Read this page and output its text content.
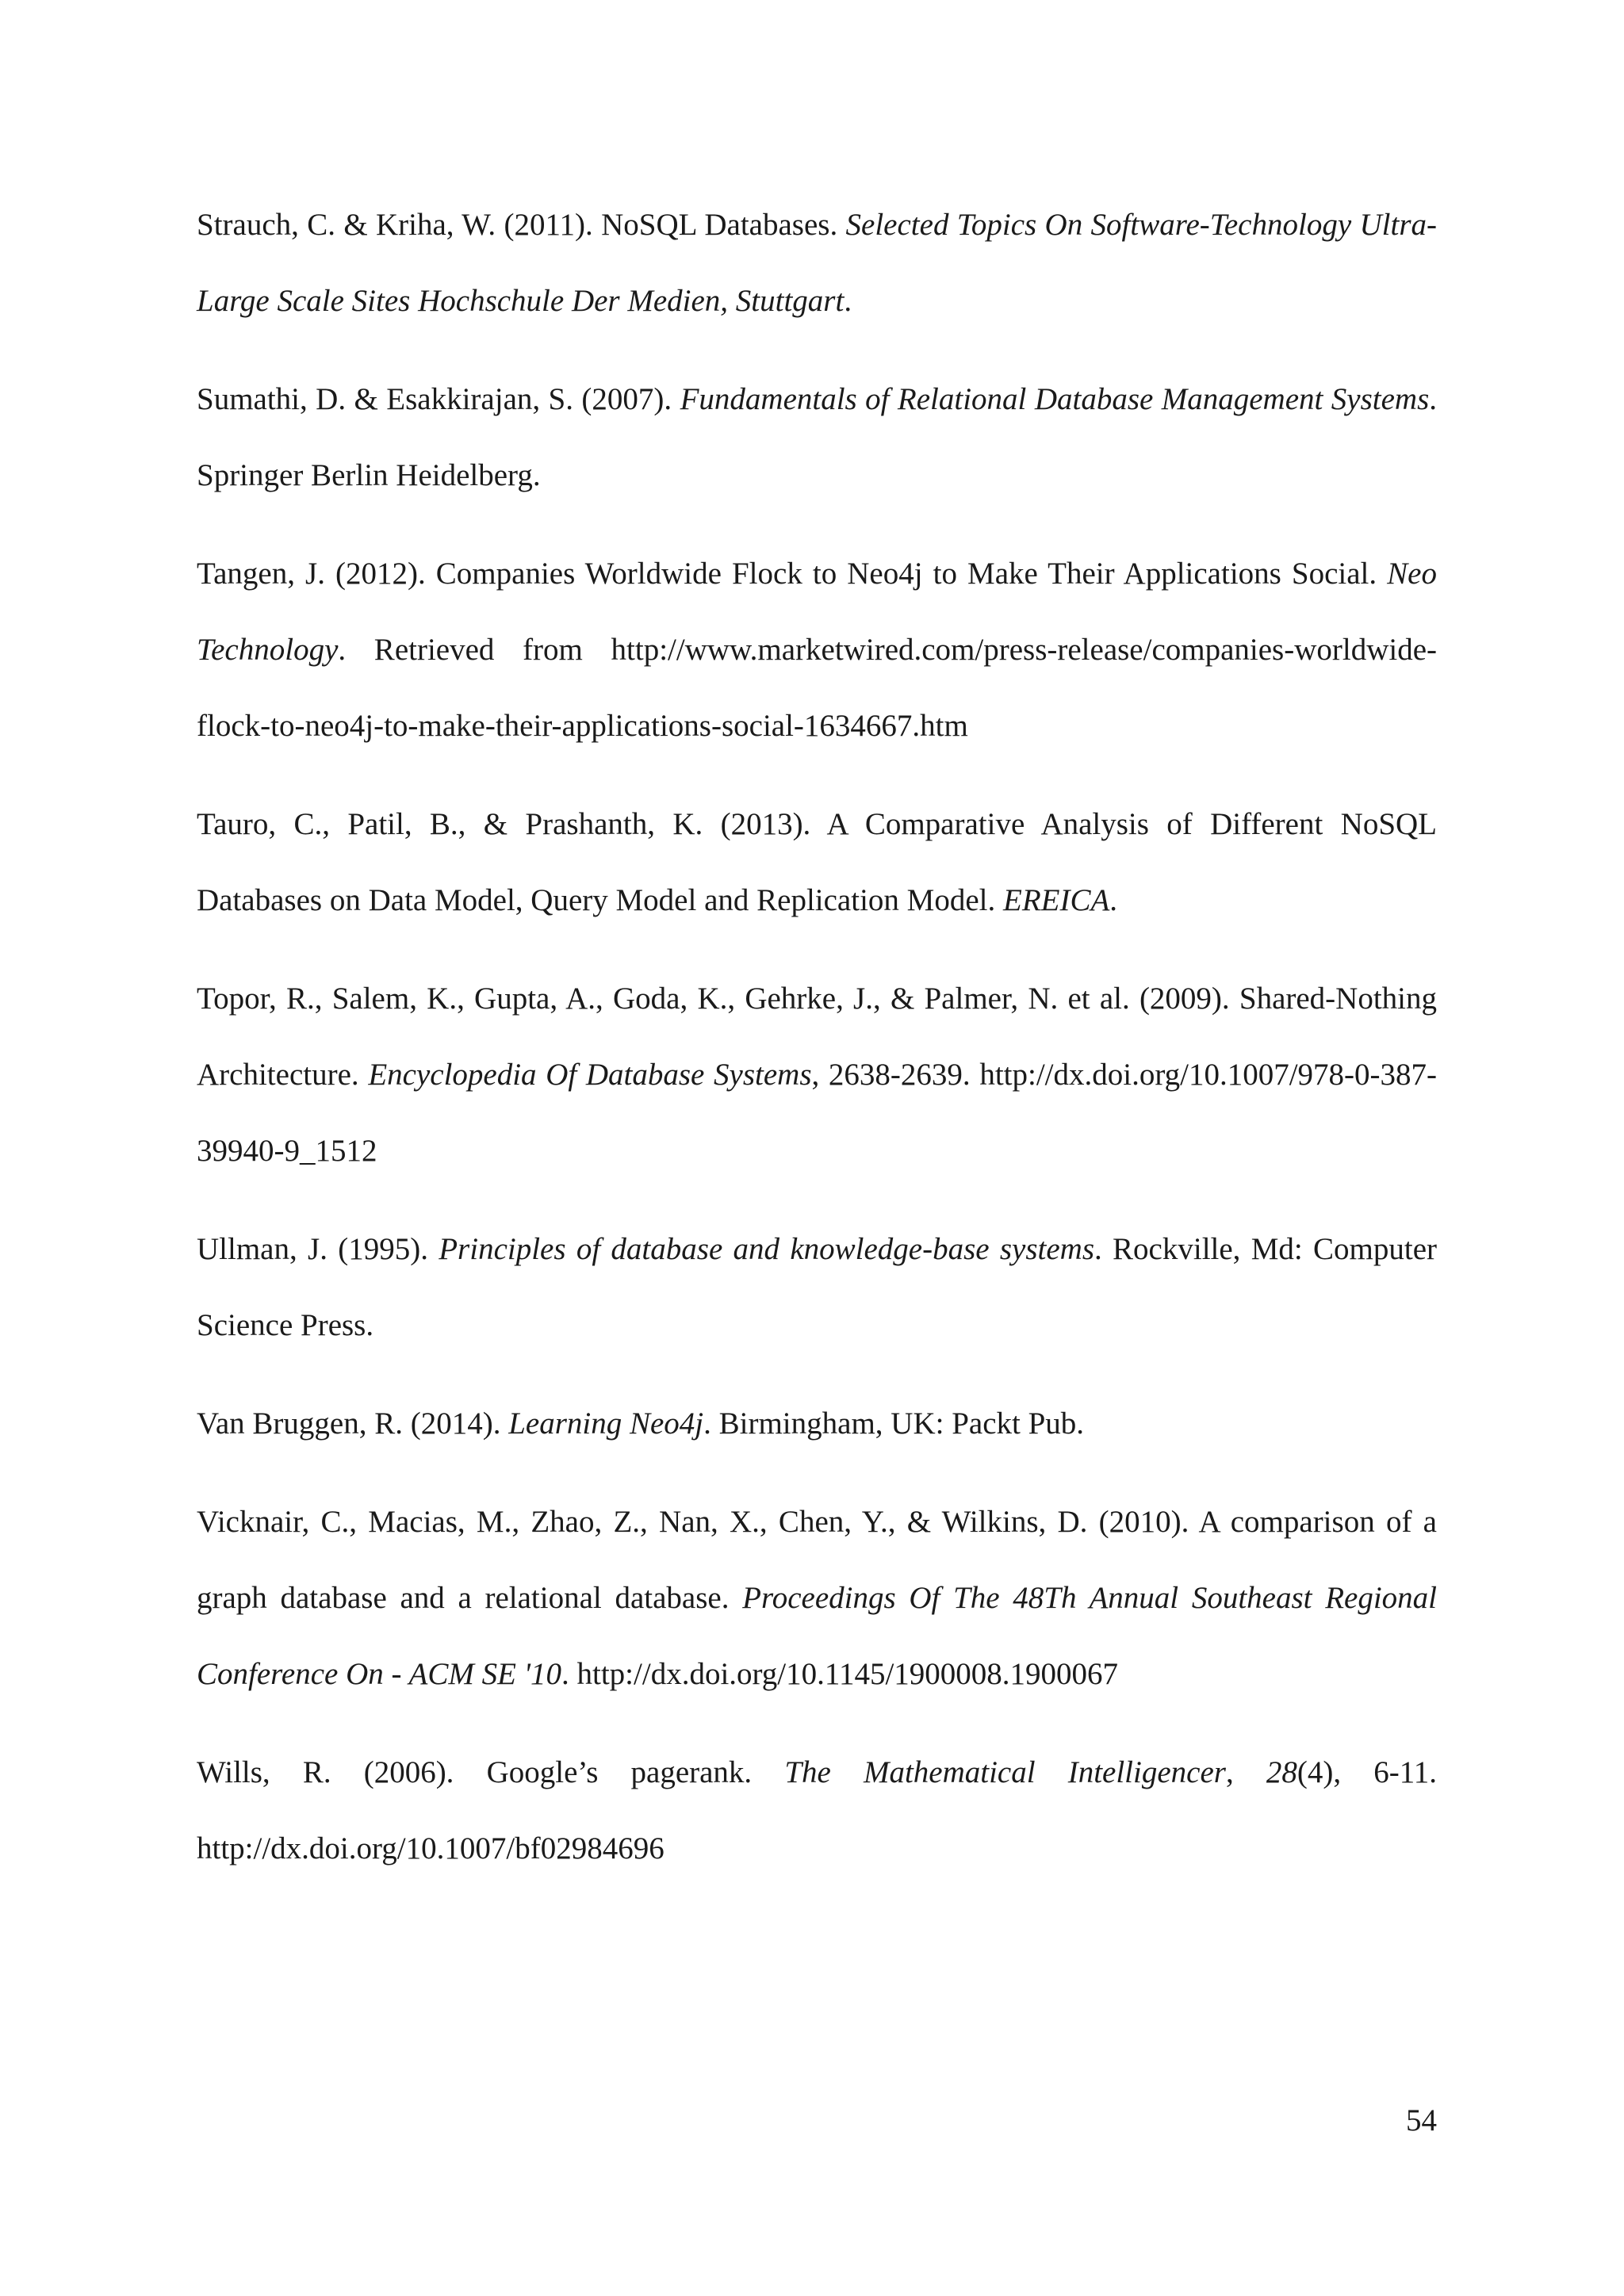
Strauch, C. & Kriha, W. (2011). NoSQL Databases. Selected Topics On Software-Technology Ultra-Large Scale Sites Hochschule Der Medien, Stuttgart.

Sumathi, D. & Esakkirajan, S. (2007). Fundamentals of Relational Database Management Systems. Springer Berlin Heidelberg.

Tangen, J. (2012). Companies Worldwide Flock to Neo4j to Make Their Applications Social. Neo Technology. Retrieved from http://www.marketwired.com/press-release/companies-worldwide-flock-to-neo4j-to-make-their-applications-social-1634667.htm

Tauro, C., Patil, B., & Prashanth, K. (2013). A Comparative Analysis of Different NoSQL Databases on Data Model, Query Model and Replication Model. EREICA.

Topor, R., Salem, K., Gupta, A., Goda, K., Gehrke, J., & Palmer, N. et al. (2009). Shared-Nothing Architecture. Encyclopedia Of Database Systems, 2638-2639. http://dx.doi.org/10.1007/978-0-387-39940-9_1512

Ullman, J. (1995). Principles of database and knowledge-base systems. Rockville, Md: Computer Science Press.

Van Bruggen, R. (2014). Learning Neo4j. Birmingham, UK: Packt Pub.

Vicknair, C., Macias, M., Zhao, Z., Nan, X., Chen, Y., & Wilkins, D. (2010). A comparison of a graph database and a relational database. Proceedings Of The 48Th Annual Southeast Regional Conference On - ACM SE '10. http://dx.doi.org/10.1145/1900008.1900067

Wills, R. (2006). Google’s pagerank. The Mathematical Intelligencer, 28(4), 6-11. http://dx.doi.org/10.1007/bf02984696

54
